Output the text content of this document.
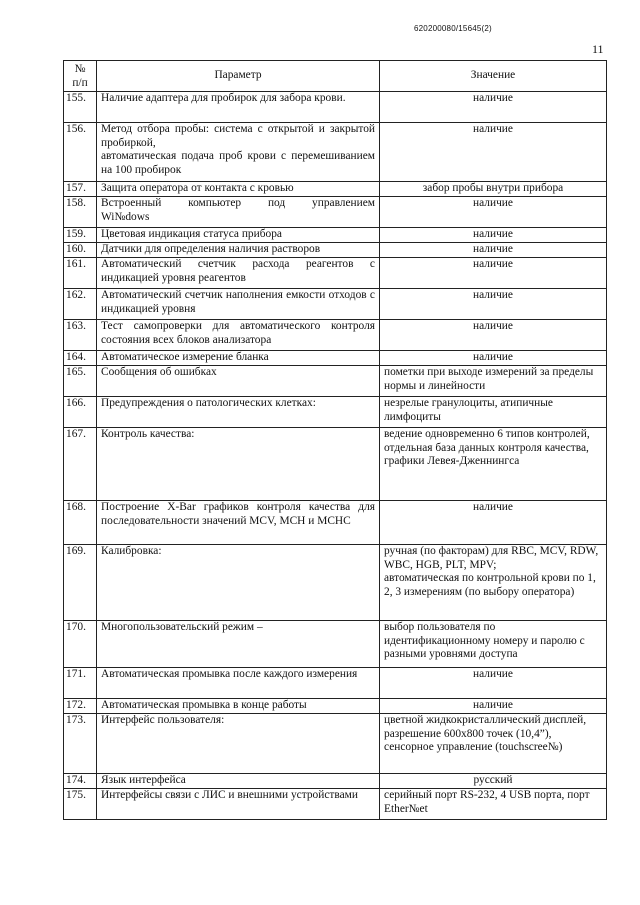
620200080/15645(2)
11
№
п/п	Параметр	Значение
155.	Наличие адаптера для пробирок для забора крови.	наличие
156.	Метод отбора пробы: система с открытой и закрытой пробиркой,
автоматическая подача проб крови с перемешиванием на 100 пробирок	наличие
157.	Защита оператора от контакта с кровью	забор пробы внутри прибора
158.	Встроенный компьютер под управлением Wi№dows	наличие
159.	Цветовая индикация статуса прибора	наличие
160.	Датчики для определения наличия растворов	наличие
161.	Автоматический счетчик расхода реагентов с индикацией уровня реагентов	наличие
162.	Автоматический счетчик наполнения емкости отходов с индикацией уровня	наличие
163.	Тест самопроверки для автоматического контроля состояния всех блоков анализатора	наличие
164.	Автоматическое измерение бланка	наличие
165.	Сообщения об ошибках	пометки при выходе измерений за пределы нормы и линейности
166.	Предупреждения о патологических клетках:	незрелые гранулоциты, атипичные лимфоциты
167.	Контроль качества:	ведение одновременно 6 типов контролей,
отдельная база данных контроля качества,
графики Левея-Дженнингса
168.	Построение X-Bar графиков контроля качества для последовательности значений MCV, MCH и MCHC	наличие
169.	Калибровка:	ручная (по факторам) для RBC, MCV, RDW, WBC, HGB, PLT, MPV;
автоматическая по контрольной крови по 1, 2, 3 измерениям (по выбору оператора)
170.	Многопользовательский режим –	выбор пользователя по идентификационному номеру и паролю с разными уровнями доступа
171.	Автоматическая промывка после каждого измерения	наличие
172.	Автоматическая промывка в конце работы	наличие
173.	Интерфейс пользователя:	цветной жидкокристаллический дисплей, разрешение 600x800 точек (10,4”), сенсорное управление (touchscree№)
174.	Язык интерфейса	русский
175.	Интерфейсы связи с ЛИС и внешними устройствами	серийный порт RS-232, 4 USB порта, порт Ether№et
